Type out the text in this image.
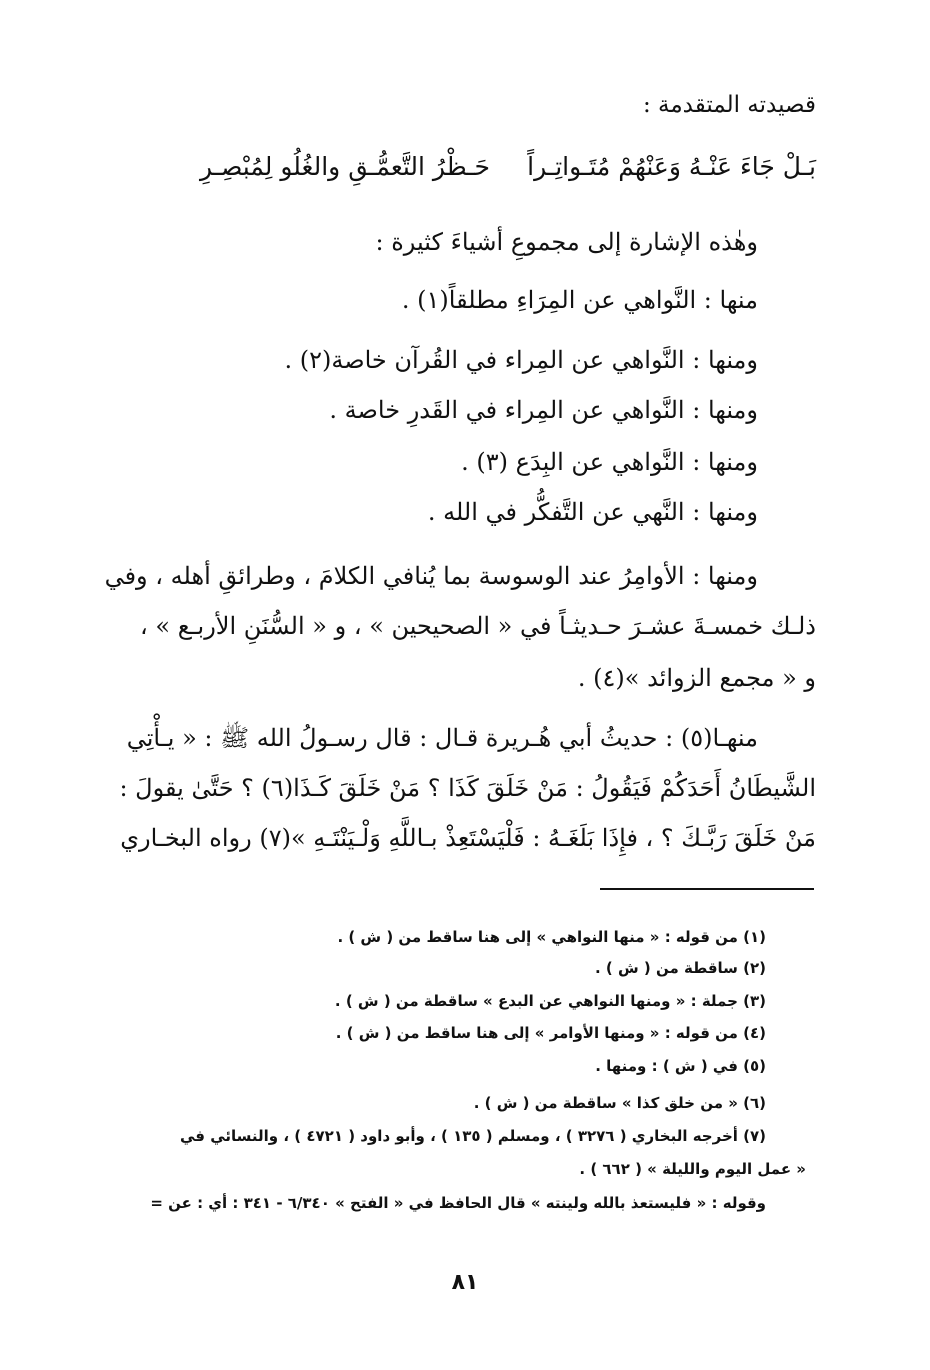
قصيدته المتقدمة :
بَـلْ جَاءَ عَنْـهُ وَعَنْهُمْ مُتَـواتِـراً
حَـظْرُ التَّعمُّـقِ والغُلُو لِمُبْصِـرِ
وهٰذه الإشارة إلى مجموعِ أشياءَ كثيرة :
منها : النَّواهي عن المِرَاءِ مطلقاً(١) .
ومنها : النَّواهي عن المِراء في القُرآن خاصة(٢) .
ومنها : النَّواهي عن المِراء في القَدرِ خاصة .
ومنها : النَّواهي عن البِدَع (٣) .
ومنها : النَّهي عن التَّفكُّر في الله .
ومنها : الأوامِرُ عند الوسوسة بما يُنافي الكلامَ ، وطرائقِ أهله ، وفي
ذلـك خمسـةَ عشـرَ حـديثـاً في « الصحيحين » ، و « السُّنَنِ الأربـع » ،
و « مجمع الزوائد »(٤) .
منهـا(٥) : حديثُ أبي هُـريرة قـال : قال رسـولُ الله ﷺ : « يـأْتِي
الشَّيطَانُ أَحَدَكُمْ فَيَقُولُ : مَنْ خَلَقَ كَذَا ؟ مَنْ خَلَقَ كَـذَا(٦) ؟ حَتَّىٰ يقولَ :
مَنْ خَلَقَ رَبَّـكَ ؟ ، فإِذَا بَلَغَـهُ : فَلْيَسْتَعِذْ بـاللَّهِ وَلْـيَنْتَـهِ »(٧) رواه البخـاري
(١) من قوله : « منها النواهي » إلى هنا ساقط من ( ش ) .
(٢) ساقطة من ( ش ) .
(٣) جملة : « ومنها النواهي عن البدع » ساقطة من ( ش ) .
(٤) من قوله : « ومنها الأوامر » إلى هنا ساقط من ( ش ) .
(٥) في ( ش ) : ومنها .
(٦) « من خلق كذا » ساقطة من ( ش ) .
(٧) أخرجه البخاري ( ٣٢٧٦ ) ، ومسلم ( ١٣٥ ) ، وأبو داود ( ٤٧٢١ ) ، والنسائي في
« عمل اليوم والليلة » ( ٦٦٢ ) .
وقوله : « فليستعذ بالله ولينته » قال الحافظ في « الفتح » ٦/٣٤٠ - ٣٤١ : أي : عن =
٨١
